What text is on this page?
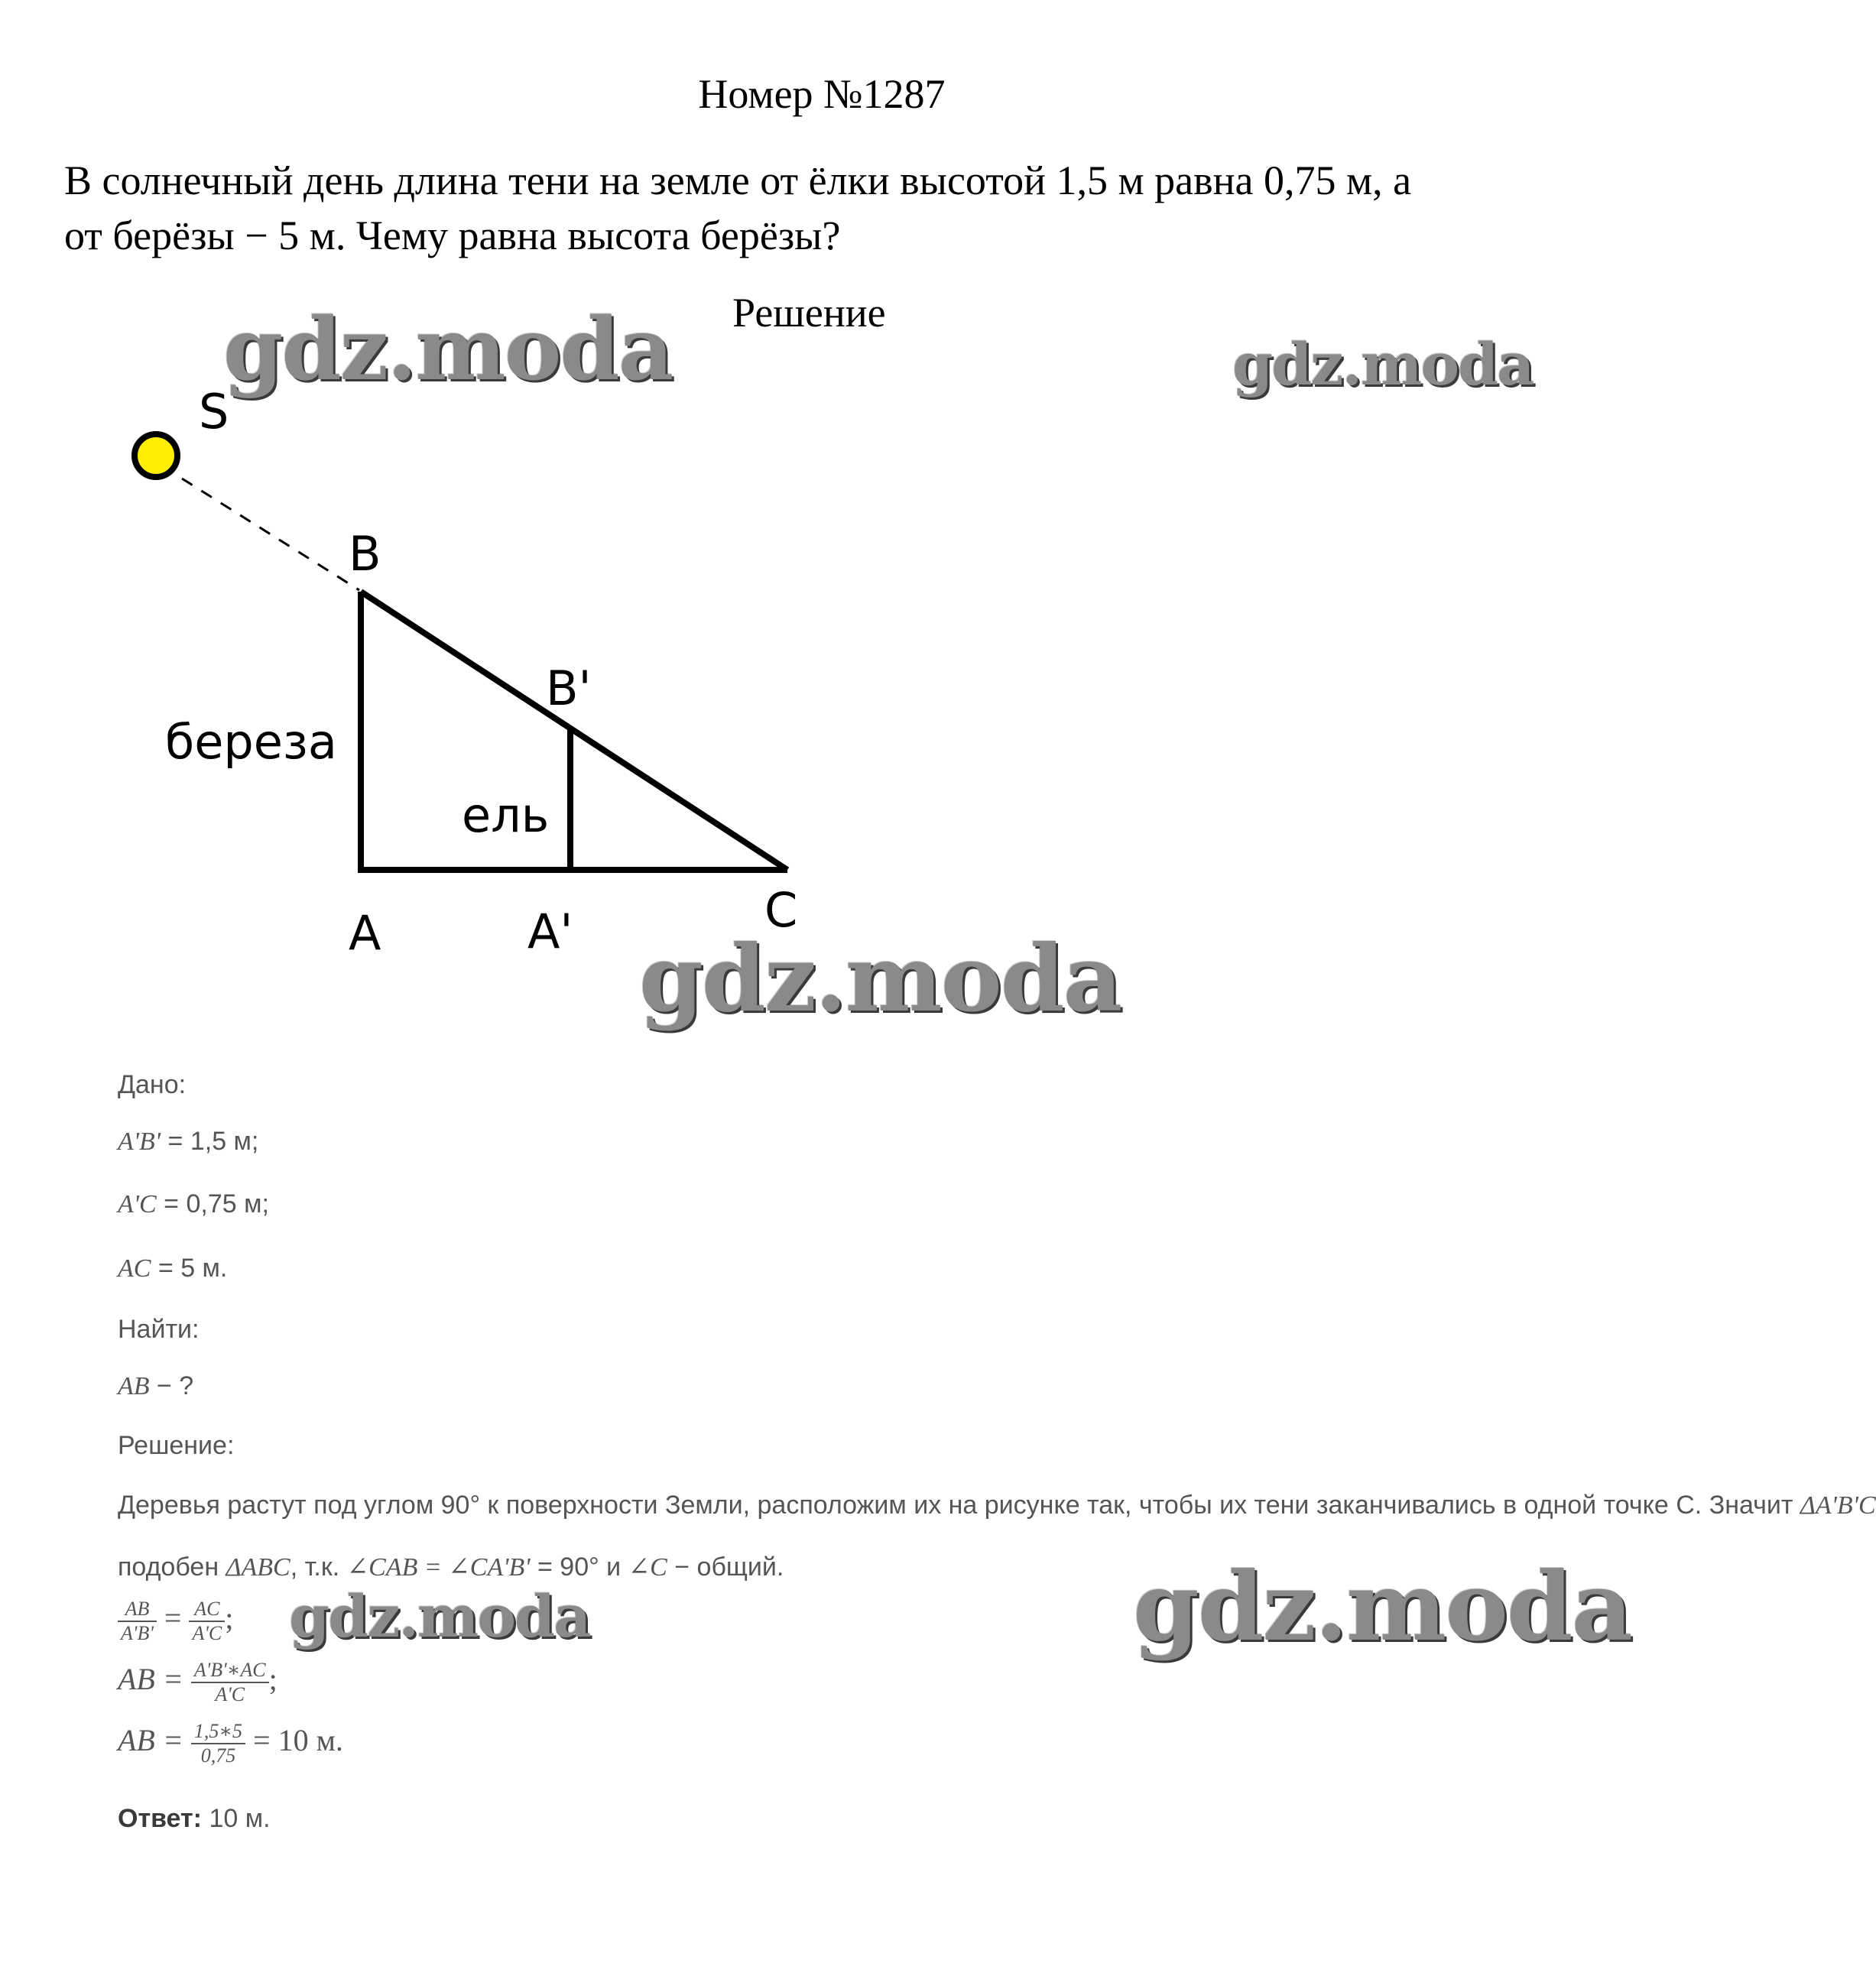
Номер №1287
В солнечный день длина тени на земле от ёлки высотой 1,5 м равна 0,75 м, а
от берёзы − 5 м. Чему равна высота берёзы?
Решение
S
B
B'
береза
ель
A	A'	C
gdz.moda	gdz.moda
gdz.moda
Дано:
A'B' = 1,5 м;
A'C = 0,75 м;
AC = 5 м.
Найти:
AB − ?
Решение:
Деревья растут под углом 90° к поверхности Земли, расположим их на рисунке так, чтобы их тени заканчивались в одной точке С. Значит ΔA'B'C
подобен ΔABC, т.к. ∠CAB = ∠CA'B' = 90° и ∠C − общий.
$\frac{AB}{A'B'} = \frac{AC}{A'C}$ ;
AB = $\frac{A'B'∗AC}{A'C}$ ;
AB = $\frac{1,5∗5}{0,75} = 10$ м.
Ответ: 10 м.
gdz.moda	gdz.moda
